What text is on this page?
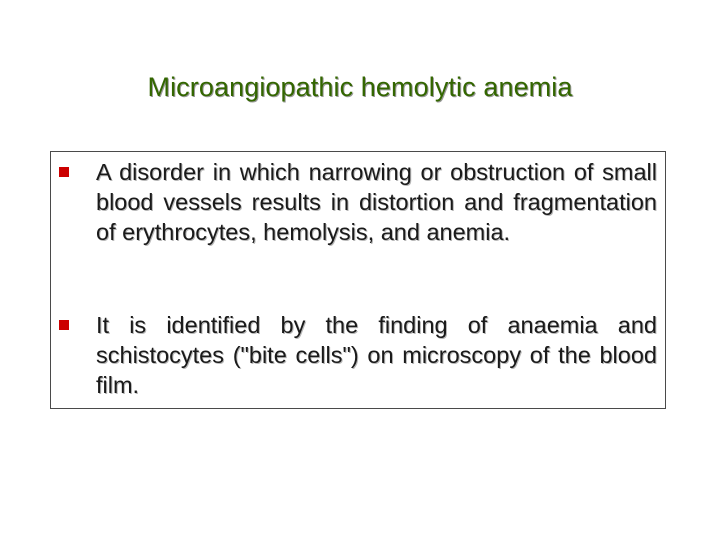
Microangiopathic hemolytic anemia
A disorder in which narrowing or obstruction of small blood vessels results in distortion and fragmentation of erythrocytes, hemolysis, and anemia.
It is identified by the finding of anaemia and schistocytes ("bite cells") on microscopy of the blood film.
